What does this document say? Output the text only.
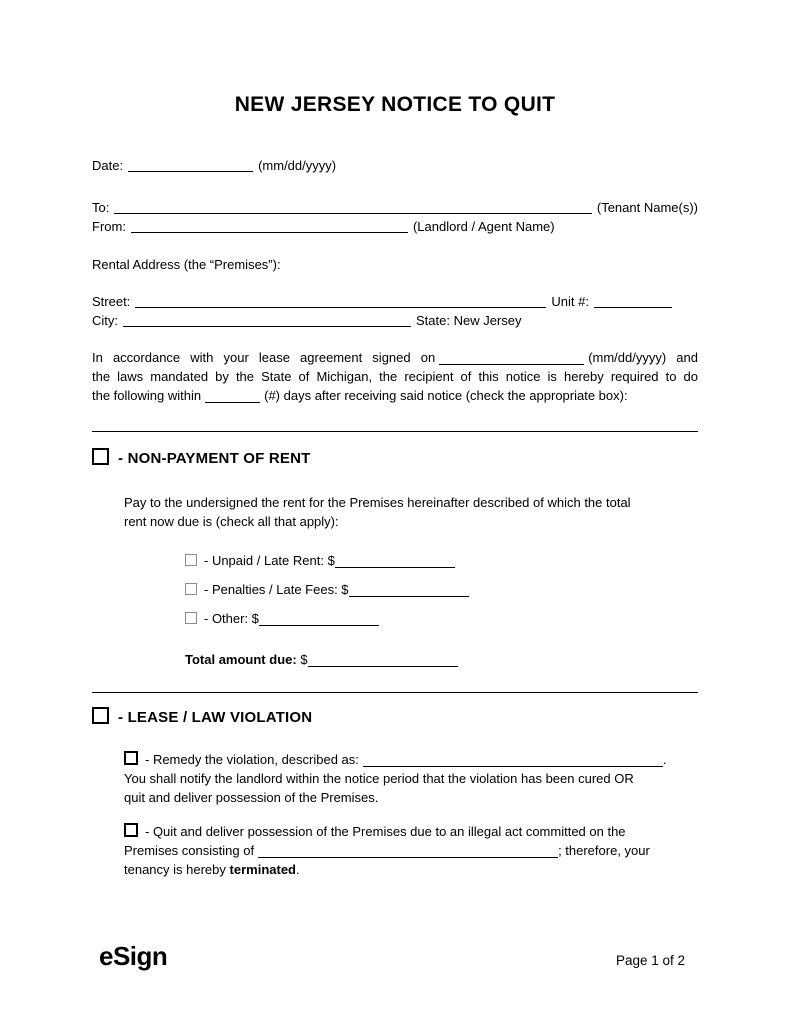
NEW JERSEY NOTICE TO QUIT
Date:	(mm/dd/yyyy)
To:	(Tenant Name(s))
From:	(Landlord / Agent Name)
Rental Address (the “Premises”):
Street:	Unit #:
City:	State: New Jersey
In accordance with your lease agreement signed on	(mm/dd/yyyy) and
the laws mandated by the State of Michigan, the recipient of this notice is hereby required to do
the following within	(#) days after receiving said notice (check the appropriate box):
- NON-PAYMENT OF RENT
Pay to the undersigned the rent for the Premises hereinafter described of which the total
rent now due is (check all that apply):
- Unpaid / Late Rent: $
- Penalties / Late Fees: $
- Other: $
Total amount due: $
- LEASE / LAW VIOLATION
- Remedy the violation, described as:	.
You shall notify the landlord within the notice period that the violation has been cured OR
quit and deliver possession of the Premises.
- Quit and deliver possession of the Premises due to an illegal act committed on the
Premises consisting of	; therefore, your
tenancy is hereby terminated.
eSign	Page 1 of 2
